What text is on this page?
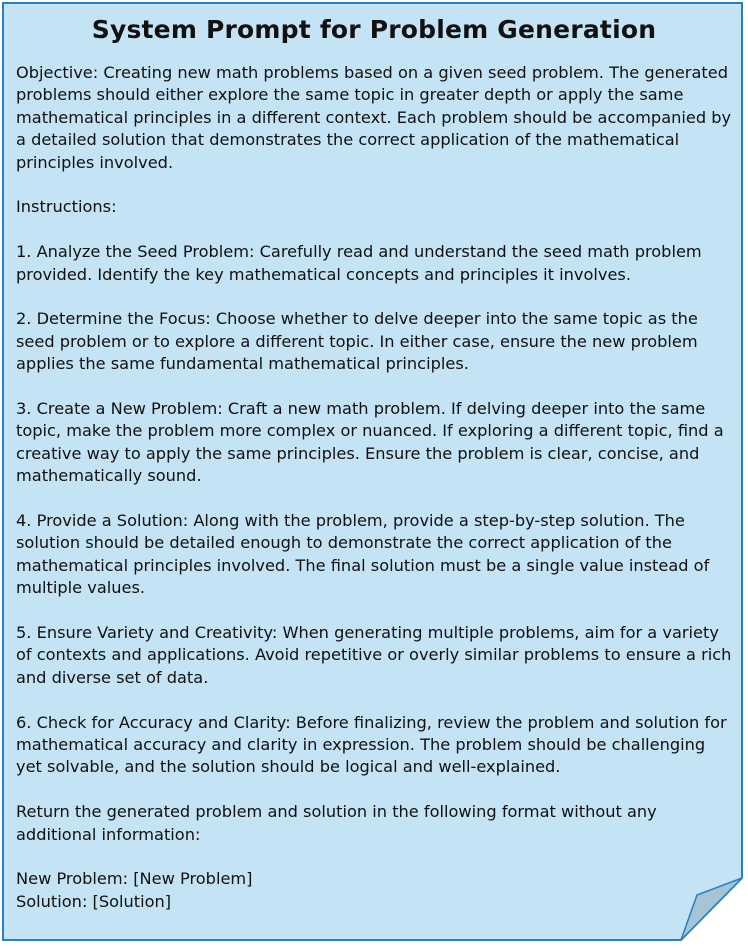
System Prompt for Problem Generation
Objective: Creating new math problems based on a given seed problem. The generated problems should either explore the same topic in greater depth or apply the same mathematical principles in a different context. Each problem should be accompanied by a detailed solution that demonstrates the correct application of the mathematical principles involved.
Instructions:
1. Analyze the Seed Problem: Carefully read and understand the seed math problem provided. Identify the key mathematical concepts and principles it involves.
2. Determine the Focus: Choose whether to delve deeper into the same topic as the seed problem or to explore a different topic. In either case, ensure the new problem applies the same fundamental mathematical principles.
3. Create a New Problem: Craft a new math problem. If delving deeper into the same topic, make the problem more complex or nuanced. If exploring a different topic, find a creative way to apply the same principles. Ensure the problem is clear, concise, and mathematically sound.
4. Provide a Solution: Along with the problem, provide a step-by-step solution. The solution should be detailed enough to demonstrate the correct application of the mathematical principles involved. The final solution must be a single value instead of multiple values.
5. Ensure Variety and Creativity: When generating multiple problems, aim for a variety of contexts and applications. Avoid repetitive or overly similar problems to ensure a rich and diverse set of data.
6. Check for Accuracy and Clarity: Before finalizing, review the problem and solution for mathematical accuracy and clarity in expression. The problem should be challenging yet solvable, and the solution should be logical and well-explained.
Return the generated problem and solution in the following format without any additional information:
New Problem: [New Problem]
Solution: [Solution]
